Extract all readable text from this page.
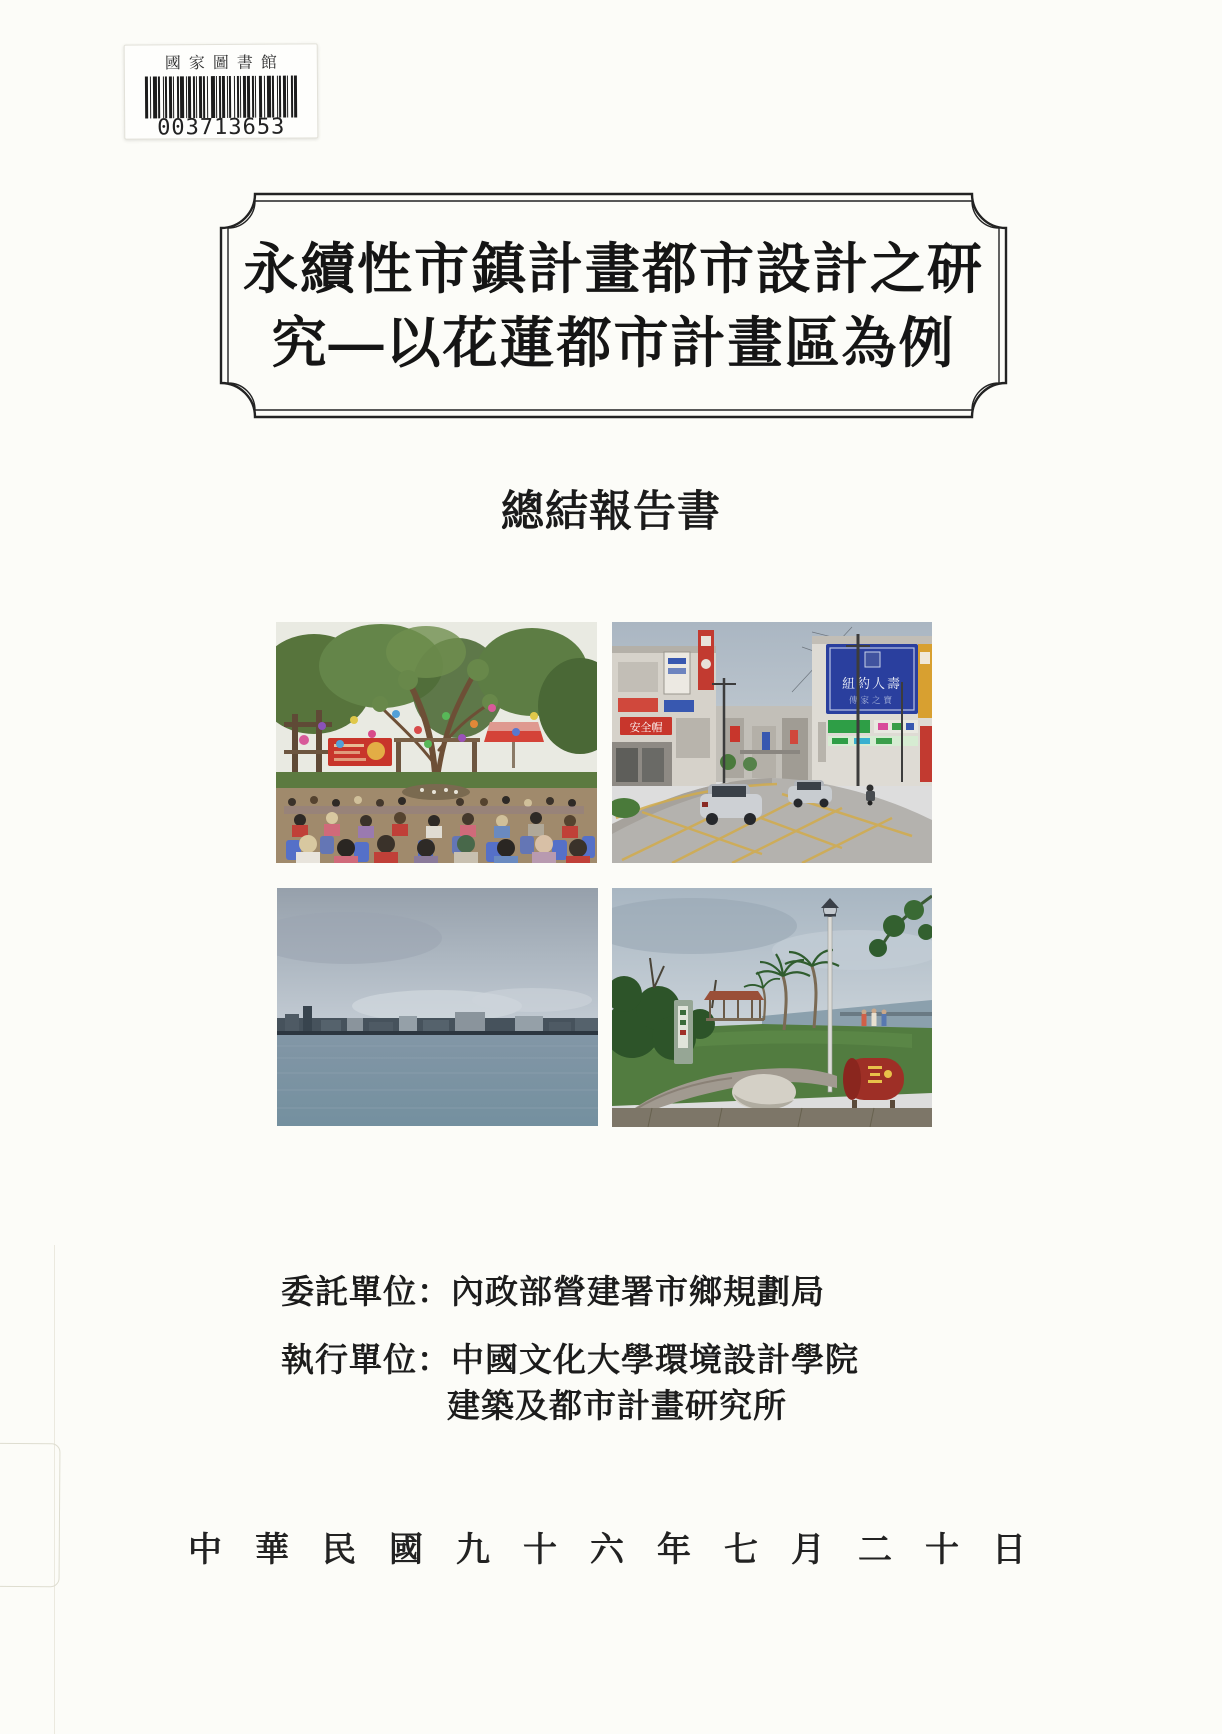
國家圖書館
003713653
永續性市鎮計畫都市設計之研
究—以花蓮都市計畫區為例
總結報告書
安全帽
紐約人壽
傳家之寶
委託單位：內政部營建署市鄉規劃局
執行單位：中國文化大學環境設計學院
建築及都市計畫研究所
中華民國九十六年七月二十日
